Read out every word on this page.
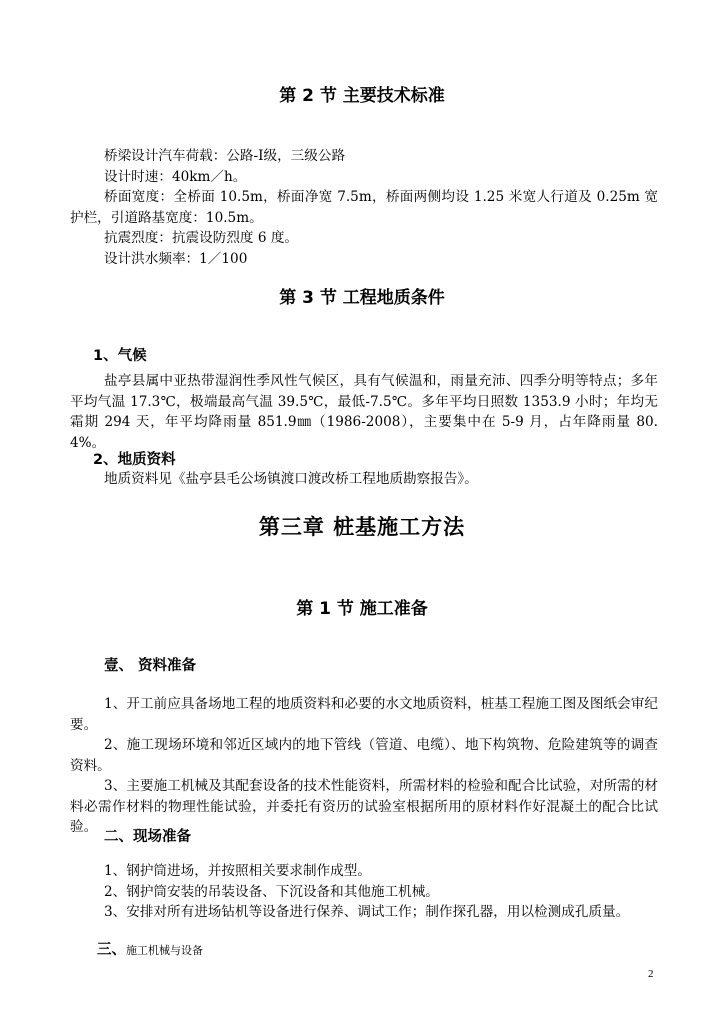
第 2 节 主要技术标准
桥梁设计汽车荷载：公路-Ⅰ级，三级公路
设计时速：40km／h。
桥面宽度：全桥面 10.5m，桥面净宽 7.5m，桥面两侧均设 1.25 米宽人行道及 0.25m 宽护栏，引道路基宽度：10.5m。
抗震烈度：抗震设防烈度 6 度。
设计洪水频率：1／100
第 3 节 工程地质条件
1、气候
盐亭县属中亚热带湿润性季风性气候区，具有气候温和，雨量充沛、四季分明等特点；多年平均气温 17.3℃，极端最高气温 39.5℃，最低-7.5℃。多年平均日照数 1353.9 小时；年均无霜期 294 天，年平均降雨量 851.9㎜（1986-2008），主要集中在 5-9 月，占年降雨量 80.4%。
2、地质资料
地质资料见《盐亭县毛公场镇渡口渡改桥工程地质勘察报告》。
第三章 桩基施工方法
第 1 节 施工准备
壹、 资料准备
1、开工前应具备场地工程的地质资料和必要的水文地质资料，桩基工程施工图及图纸会审纪要。
2、施工现场环境和邻近区域内的地下管线（管道、电缆）、地下构筑物、危险建筑等的调查资料。
3、主要施工机械及其配套设备的技术性能资料，所需材料的检验和配合比试验，对所需的材料必需作材料的物理性能试验，并委托有资历的试验室根据所用的原材料作好混凝土的配合比试验。
二、现场准备
1、钢护筒进场，并按照相关要求制作成型。
2、钢护筒安装的吊装设备、下沉设备和其他施工机械。
3、安排对所有进场钻机等设备进行保养、调试工作；制作探孔器，用以检测成孔质量。
三、施工机械与设备
2
